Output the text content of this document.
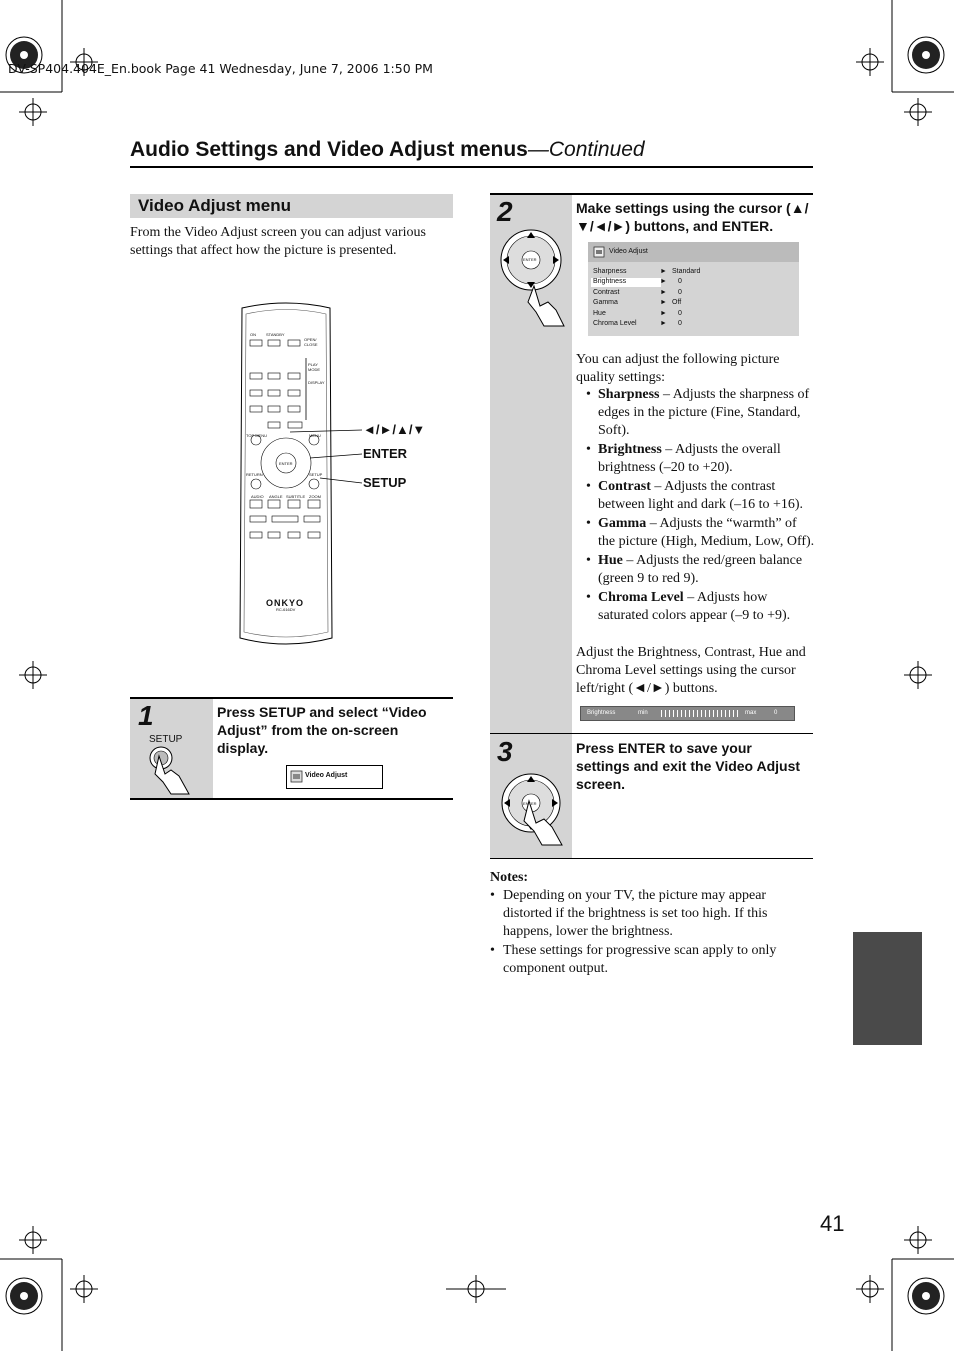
DV-SP404.404E_En.book Page 41 Wednesday, June 7, 2006 1:50 PM
Audio Settings and Video Adjust menus—Continued
Video Adjust menu
From the Video Adjust screen you can adjust various settings that affect how the picture is presented.
ON	STANDBY
OPEN/ CLOSE
PLAY MODE
DISPLAY
TOP MENU	MENU
RETURN	SETUP
ENTER
AUDIO ANGLE SUBTITLE ZOOM
ONKYO
RC-616DV
◄/►/▲/▼
ENTER
SETUP
1
SETUP
Press SETUP and select “Video Adjust” from the on-screen display.
Video Adjust
2
ENTER
Make settings using the cursor (▲/▼/◄/►) buttons, and ENTER.
Video Adjust
Sharpness	► Standard
Brightness	► 0
Contrast	► 0
Gamma	► Off
Hue	► 0
Chroma Level	► 0
You can adjust the following picture quality settings:
• Sharpness – Adjusts the sharpness of edges in the picture (Fine, Standard, Soft).
• Brightness – Adjusts the overall brightness (–20 to +20).
• Contrast – Adjusts the contrast between light and dark (–16 to +16).
• Gamma – Adjusts the “warmth” of the picture (High, Medium, Low, Off).
• Hue – Adjusts the red/green balance (green 9 to red 9).
• Chroma Level – Adjusts how saturated colors appear (–9 to +9).
Adjust the Brightness, Contrast, Hue and Chroma Level settings using the cursor left/right (◄/►) buttons.
Brightness	min	max	0
3
ENTER
Press ENTER to save your settings and exit the Video Adjust screen.
Notes:
• Depending on your TV, the picture may appear distorted if the brightness is set too high. If this happens, lower the brightness.
• These settings for progressive scan apply to only component output.
41
